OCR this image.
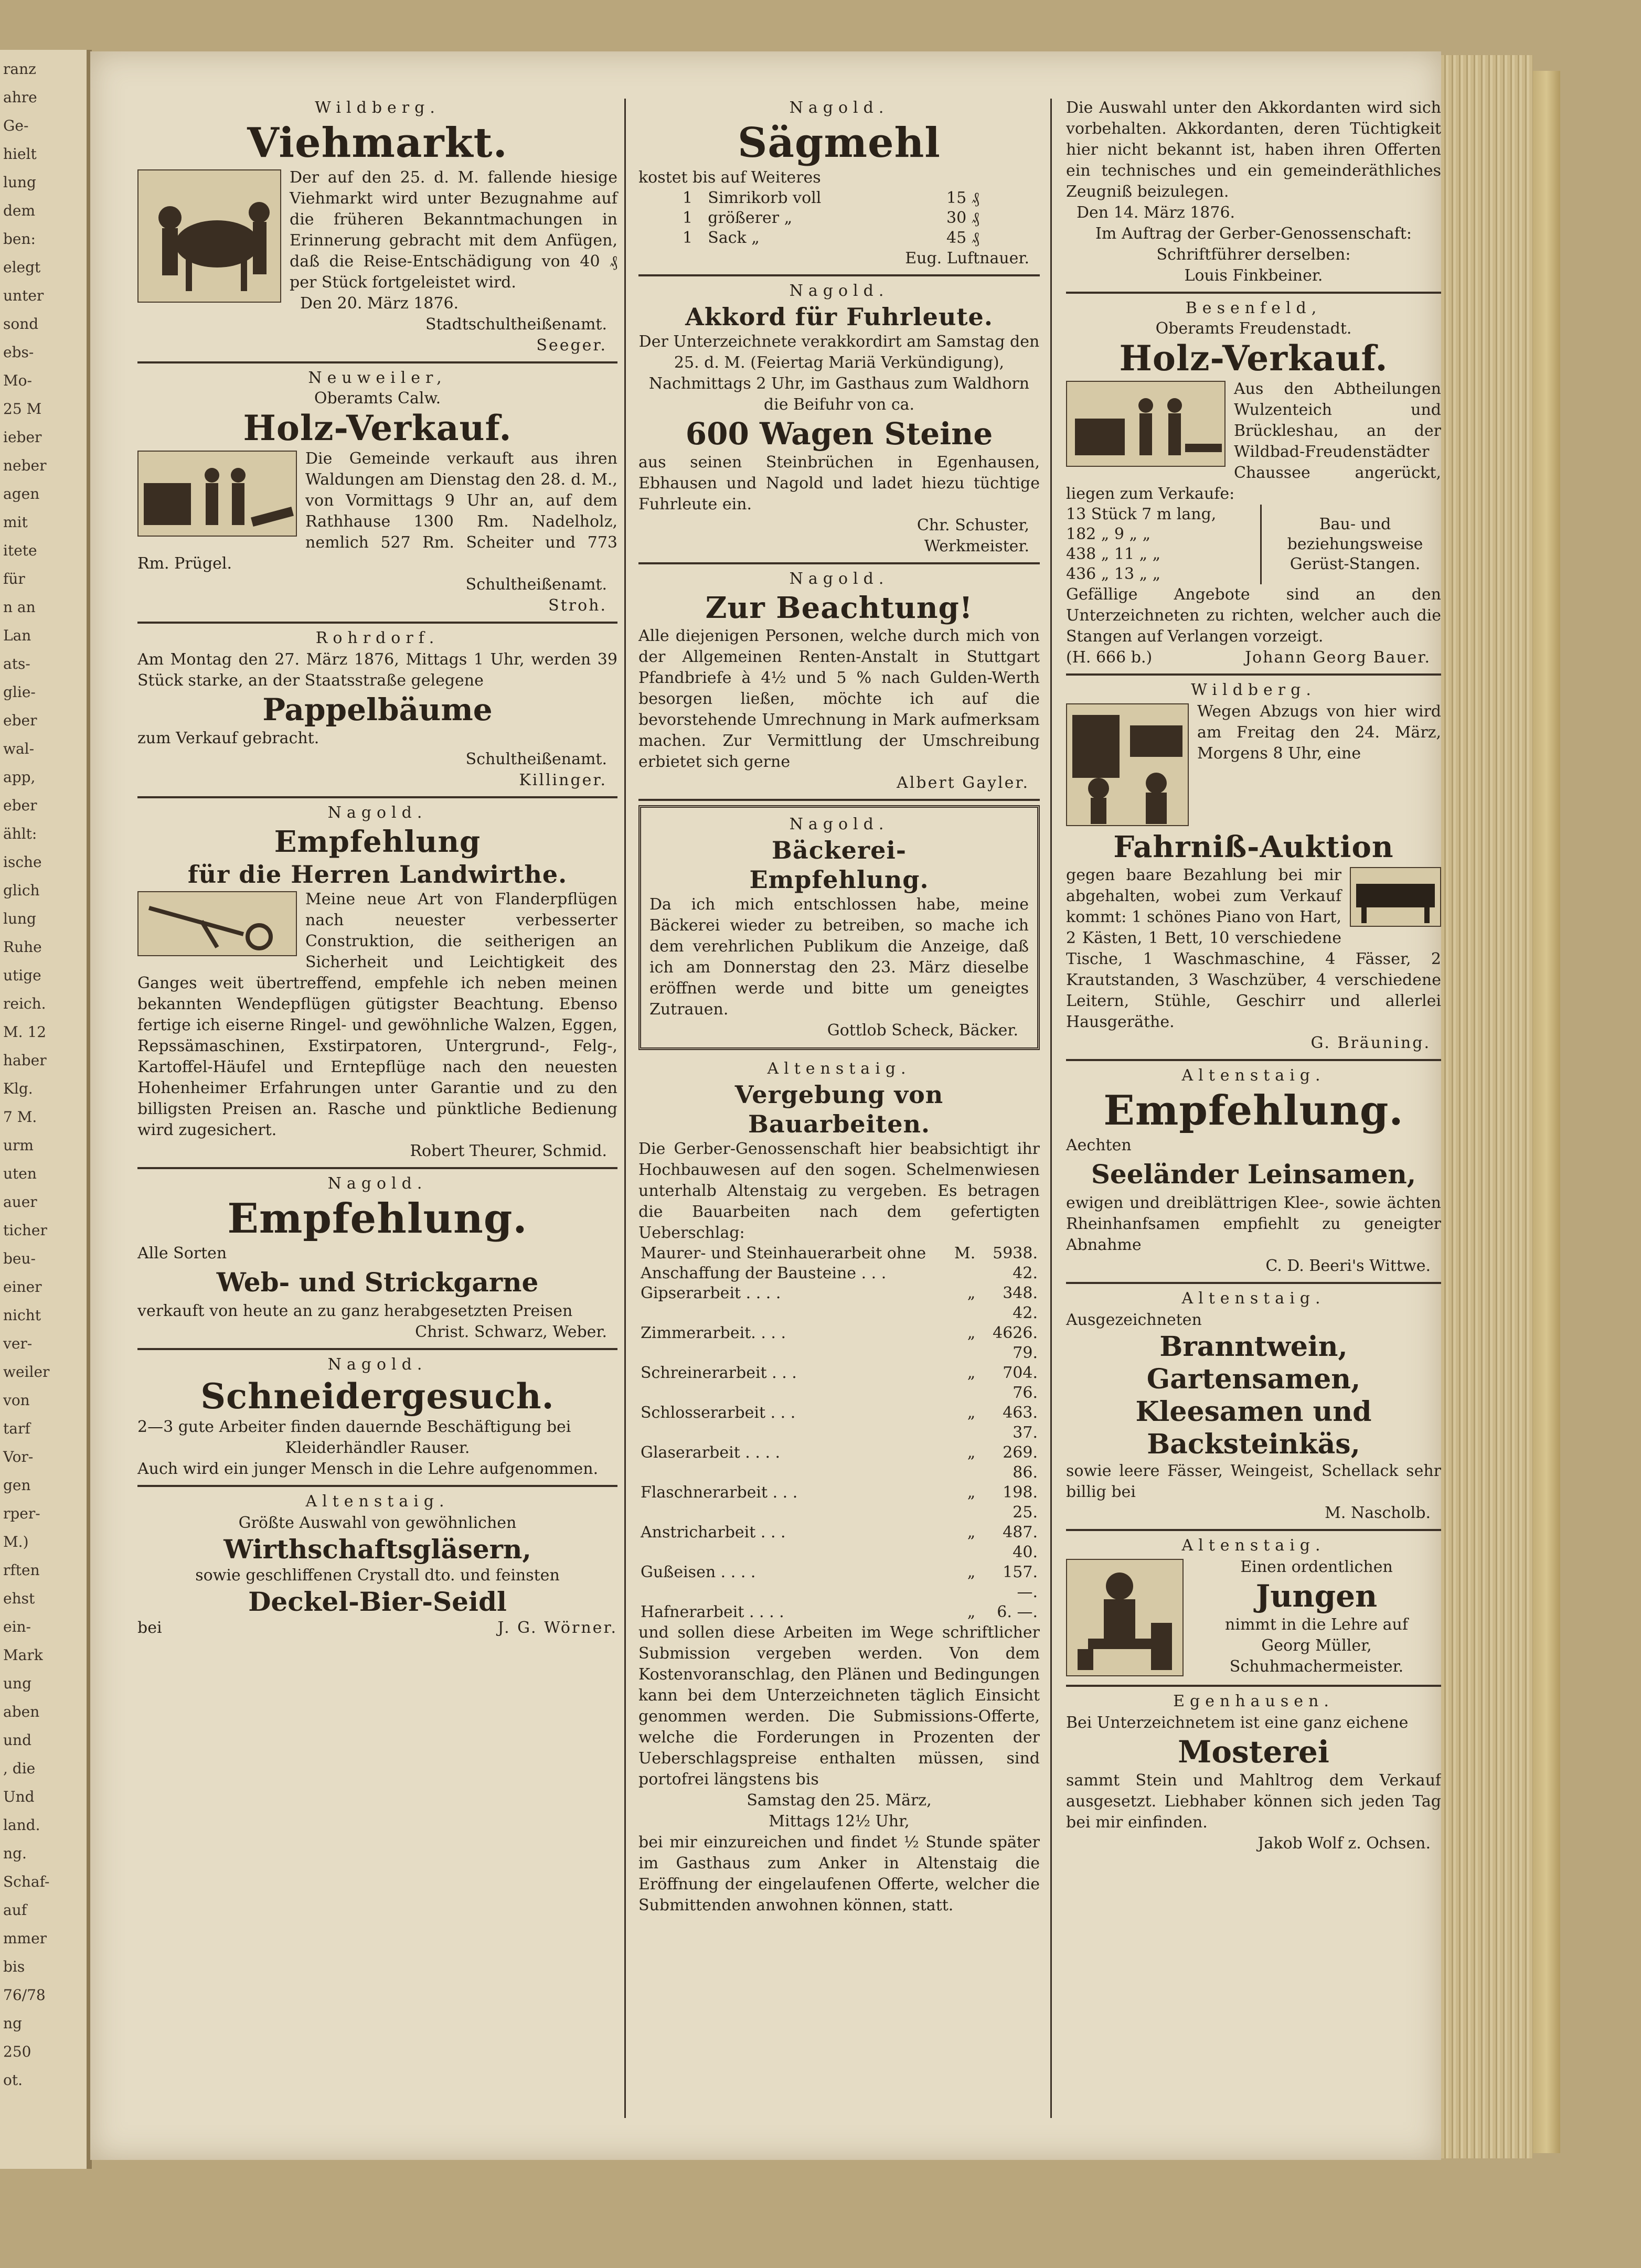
ranz
ahre
Ge-
hielt
lung
dem
ben:
elegt
unter
sond
ebs-
Mo-
25 M
ieber
neber
agen
mit
itete
für
n an
Lan
ats-
glie-
eber
wal-
app,
eber
ählt:
ische
glich
lung
Ruhe
utige
reich.
M. 12
haber
Klg.
7 M.
urm
uten
auer
ticher
beu-
einer
nicht
ver-
weiler
von
tarf
Vor-
gen
rper-
M.)
rften
ehst
ein-
Mark
ung
aben
und
, die
Und
land.
ng.
Schaf-
auf
mmer
bis
76/78
ng
250
ot.
Wildberg.
Viehmarkt.
Der auf den 25. d. M. fallende hiesige Viehmarkt wird unter Bezugnahme auf die früheren Bekanntmachungen in Erinnerung gebracht mit dem Anfügen, daß die Reise-Entschädigung von 40 ₰ per Stück fortgeleistet wird.
Den 20. März 1876.
Stadtschultheißenamt.
Seeger.
Neuweiler,
Oberamts Calw.
Holz-Verkauf.
Die Gemeinde verkauft aus ihren Waldungen am Dienstag den 28. d. M., von Vormittags 9 Uhr an, auf dem Rathhause 1300 Rm. Nadelholz, nemlich 527 Rm. Scheiter und 773 Rm. Prügel.
Schultheißenamt.
Stroh.
Rohrdorf.
Am Montag den 27. März 1876, Mittags 1 Uhr, werden 39 Stück starke, an der Staatsstraße gelegene
Pappelbäume
zum Verkauf gebracht.
Schultheißenamt.
Killinger.
Nagold.
Empfehlung
für die Herren Landwirthe.
Meine neue Art von Flanderpflügen nach neuester verbesserter Construktion, die seitherigen an Sicherheit und Leichtigkeit des Ganges weit übertreffend, empfehle ich neben meinen bekannten Wendepflügen gütigster Beachtung. Ebenso fertige ich eiserne Ringel- und gewöhnliche Walzen, Eggen, Repssämaschinen, Exstirpatoren, Untergrund-, Felg-, Kartoffel-Häufel und Erntepflüge nach den neuesten Hohenheimer Erfahrungen unter Garantie und zu den billigsten Preisen an. Rasche und pünktliche Bedienung wird zugesichert.
Robert Theurer, Schmid.
Nagold.
Empfehlung.
Alle Sorten
Web- und Strickgarne
verkauft von heute an zu ganz herabgesetzten Preisen
Christ. Schwarz, Weber.
Nagold.
Schneidergesuch.
2—3 gute Arbeiter finden dauernde Beschäftigung bei
Kleiderhändler Rauser.
Auch wird ein junger Mensch in die Lehre aufgenommen.
Altenstaig.
Größte Auswahl von gewöhnlichen
Wirthschaftsgläsern,
sowie geschliffenen Crystall dto. und feinsten
Deckel-Bier-Seidl
bei	J. G. Wörner.
Nagold.
Sägmehl
kostet bis auf Weiteres
1	Simrikorb voll	15 ₰
1	größerer „	30 ₰
1	Sack „	45 ₰
Eug. Luftnauer.
Nagold.
Akkord für Fuhrleute.
Der Unterzeichnete verakkordirt am Samstag den 25. d. M. (Feiertag Mariä Verkündigung), Nachmittags 2 Uhr, im Gasthaus zum Waldhorn die Beifuhr von ca.
600 Wagen Steine
aus seinen Steinbrüchen in Egenhausen, Ebhausen und Nagold und ladet hiezu tüchtige Fuhrleute ein.
Chr. Schuster,
Werkmeister.
Nagold.
Zur Beachtung!
Alle diejenigen Personen, welche durch mich von der Allgemeinen Renten-Anstalt in Stuttgart Pfandbriefe à 4½ und 5 % nach Gulden-Werth besorgen ließen, möchte ich auf die bevorstehende Umrechnung in Mark aufmerksam machen. Zur Vermittlung der Umschreibung erbietet sich gerne
Albert Gayler.
Nagold.
Bäckerei-
Empfehlung.
Da ich mich entschlossen habe, meine Bäckerei wieder zu betreiben, so mache ich dem verehrlichen Publikum die Anzeige, daß ich am Donnerstag den 23. März dieselbe eröffnen werde und bitte um geneigtes Zutrauen.
Gottlob Scheck, Bäcker.
Altenstaig.
Vergebung von
Bauarbeiten.
Die Gerber-Genossenschaft hier beabsichtigt ihr Hochbauwesen auf den sogen. Schelmenwiesen unterhalb Altenstaig zu vergeben. Es betragen die Bauarbeiten nach dem gefertigten Ueberschlag:
Maurer- und Steinhauerarbeit ohne Anschaffung der Bausteine . . .	M.	5938. 42.
Gipserarbeit . . . .	„	348. 42.
Zimmerarbeit. . . .	„	4626. 79.
Schreinerarbeit . . .	„	704. 76.
Schlosserarbeit . . .	„	463. 37.
Glaserarbeit . . . .	„	269. 86.
Flaschnerarbeit . . .	„	198. 25.
Anstricharbeit . . .	„	487. 40.
Gußeisen . . . .	„	157. —.
Hafnerarbeit . . . .	„	6. —.
und sollen diese Arbeiten im Wege schriftlicher Submission vergeben werden. Von dem Kostenvoranschlag, den Plänen und Bedingungen kann bei dem Unterzeichneten täglich Einsicht genommen werden. Die Submissions-Offerte, welche die Forderungen in Prozenten der Ueberschlagspreise enthalten müssen, sind portofrei längstens bis
Samstag den 25. März,
Mittags 12½ Uhr,
bei mir einzureichen und findet ½ Stunde später im Gasthaus zum Anker in Altenstaig die Eröffnung der eingelaufenen Offerte, welcher die Submittenden anwohnen können, statt.
Die Auswahl unter den Akkordanten wird sich vorbehalten. Akkordanten, deren Tüchtigkeit hier nicht bekannt ist, haben ihren Offerten ein technisches und ein gemeinderäthliches Zeugniß beizulegen.
Den 14. März 1876.
Im Auftrag der Gerber-Genossenschaft:
Schriftführer derselben:
Louis Finkbeiner.
Besenfeld,
Oberamts Freudenstadt.
Holz-Verkauf.
Aus den Abtheilungen Wulzenteich und Brückleshau, an der Wildbad-Freudenstädter Chaussee angerückt, liegen zum Verkaufe:
13 Stück 7 m lang,
182 „ 9 „ „
438 „ 11 „ „
436 „ 13 „ „
Bau- und beziehungsweise Gerüst-Stangen.
Gefällige Angebote sind an den Unterzeichneten zu richten, welcher auch die Stangen auf Verlangen vorzeigt.
(H. 666 b.)	Johann Georg Bauer.
Wildberg.
Wegen Abzugs von hier wird am Freitag den 24. März, Morgens 8 Uhr, eine
Fahrniß-Auktion
gegen baare Bezahlung bei mir abgehalten, wobei zum Verkauf kommt: 1 schönes Piano von Hart, 2 Kästen, 1 Bett, 10 verschiedene Tische, 1 Waschmaschine, 4 Fässer, 2 Krautstanden, 3 Waschzüber, 4 verschiedene Leitern, Stühle, Geschirr und allerlei Hausgeräthe.
G. Bräuning.
Altenstaig.
Empfehlung.
Aechten
Seeländer Leinsamen,
ewigen und dreiblättrigen Klee-, sowie ächten Rheinhanfsamen empfiehlt zu geneigter Abnahme
C. D. Beeri's Wittwe.
Altenstaig.
Ausgezeichneten
Branntwein,
Gartensamen,
Kleesamen und
Backsteinkäs,
sowie leere Fässer, Weingeist, Schellack sehr billig bei
M. Nascholb.
Altenstaig.
Einen ordentlichen
Jungen
nimmt in die Lehre auf
Georg Müller,
Schuhmachermeister.
Egenhausen.
Bei Unterzeichnetem ist eine ganz eichene
Mosterei
sammt Stein und Mahltrog dem Verkauf ausgesetzt. Liebhaber können sich jeden Tag bei mir einfinden.
Jakob Wolf z. Ochsen.
